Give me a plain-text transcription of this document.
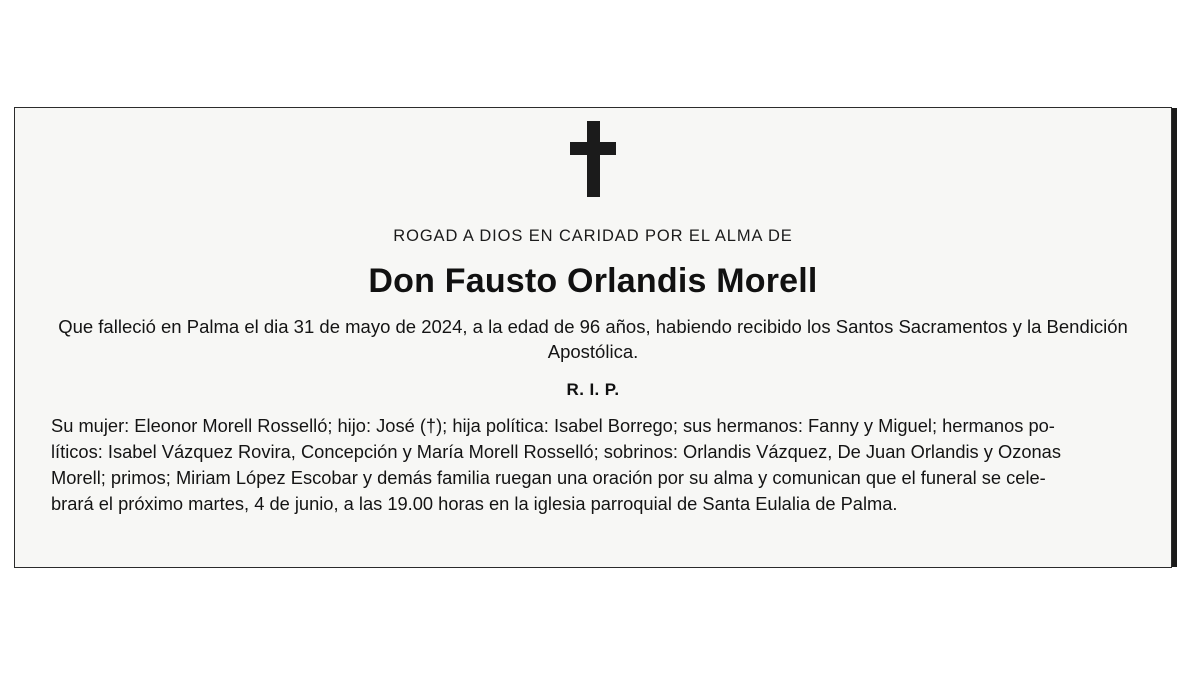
ROGAD A DIOS EN CARIDAD POR EL ALMA DE
Don Fausto Orlandis Morell
Que falleció en Palma el dia 31 de mayo de 2024, a la edad de 96 años, habiendo recibido los Santos Sacramentos y la Bendición Apostólica.
R. I. P.
Su mujer: Eleonor Morell Rosselló; hijo: José (†); hija política: Isabel Borrego; sus hermanos: Fanny y Miguel; hermanos po-
líticos: Isabel Vázquez Rovira, Concepción y María Morell Rosselló; sobrinos: Orlandis Vázquez, De Juan Orlandis y Ozonas
Morell; primos; Miriam López Escobar y demás familia ruegan una oración por su alma y comunican que el funeral se cele-
brará el próximo martes, 4 de junio, a las 19.00 horas en la iglesia parroquial de Santa Eulalia de Palma.
